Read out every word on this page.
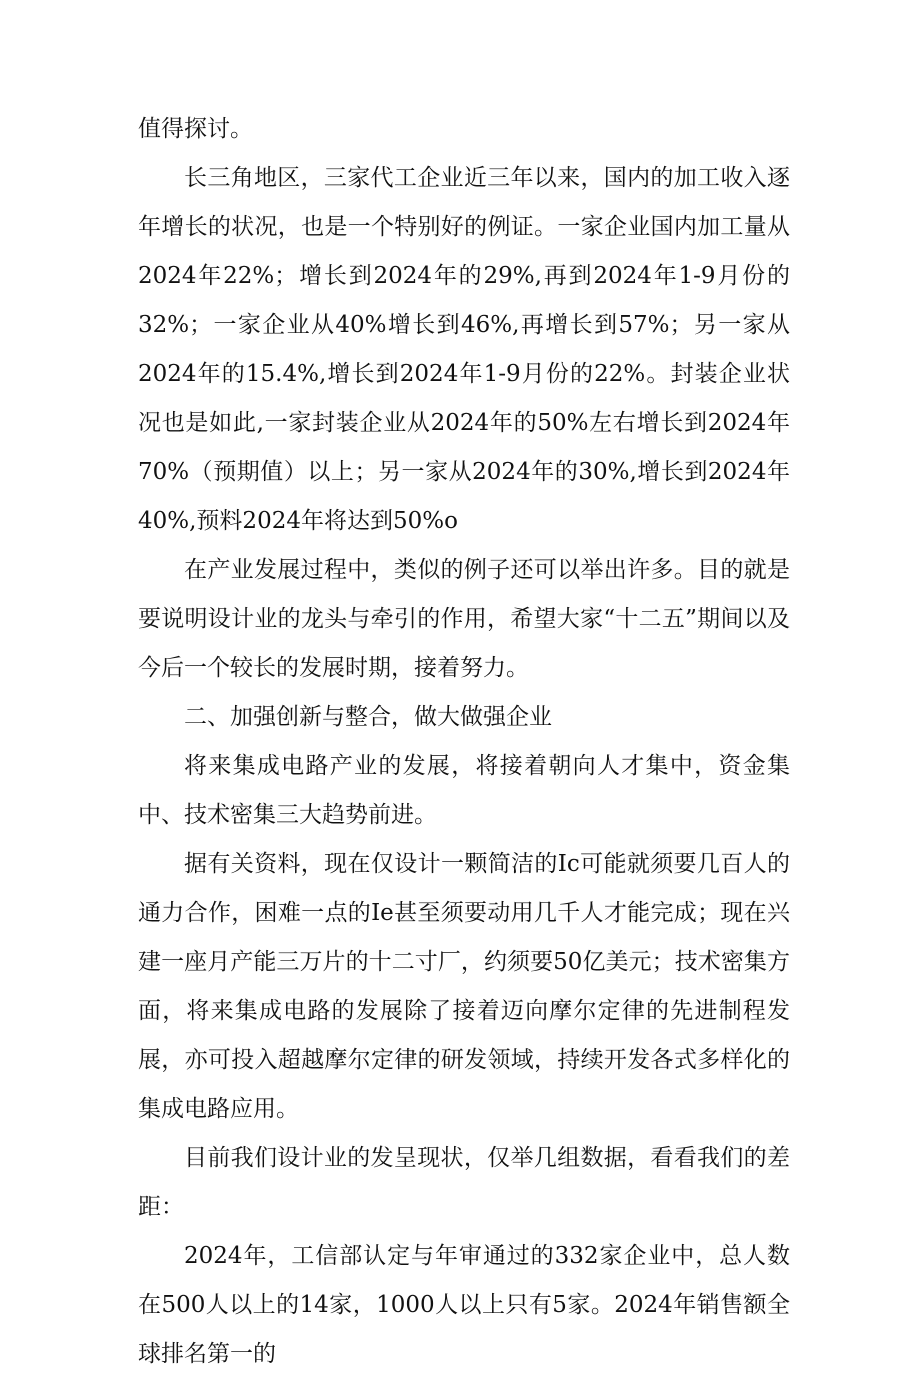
值得探讨。

长三角地区，三家代工企业近三年以来，国内的加工收入逐年增长的状况，也是一个特别好的例证。一家企业国内加工量从2024年22%；增长到2024年的29%,再到2024年1-9月份的32%；一家企业从40%增长到46%,再增长到57%；另一家从2024年的15.4%,增长到2024年1-9月份的22%。封装企业状况也是如此,一家封装企业从2024年的50%左右增长到2024年70%（预期值）以上；另一家从2024年的30%,增长到2024年40%,预料2024年将达到50%o

在产业发展过程中，类似的例子还可以举出许多。目的就是要说明设计业的龙头与牵引的作用，希望大家“十二五”期间以及今后一个较长的发展时期，接着努力。

二、加强创新与整合，做大做强企业

将来集成电路产业的发展，将接着朝向人才集中，资金集中、技术密集三大趋势前进。

据有关资料，现在仅设计一颗简洁的Ic可能就须要几百人的通力合作，困难一点的Ie甚至须要动用几千人才能完成；现在兴建一座月产能三万片的十二寸厂，约须要50亿美元；技术密集方面，将来集成电路的发展除了接着迈向摩尔定律的先进制程发展，亦可投入超越摩尔定律的研发领域，持续开发各式多样化的集成电路应用。

目前我们设计业的发呈现状，仅举几组数据，看看我们的差距：

2024年，工信部认定与年审通过的332家企业中，总人数在500人以上的14家，1000人以上只有5家。2024年销售额全球排名第一的
